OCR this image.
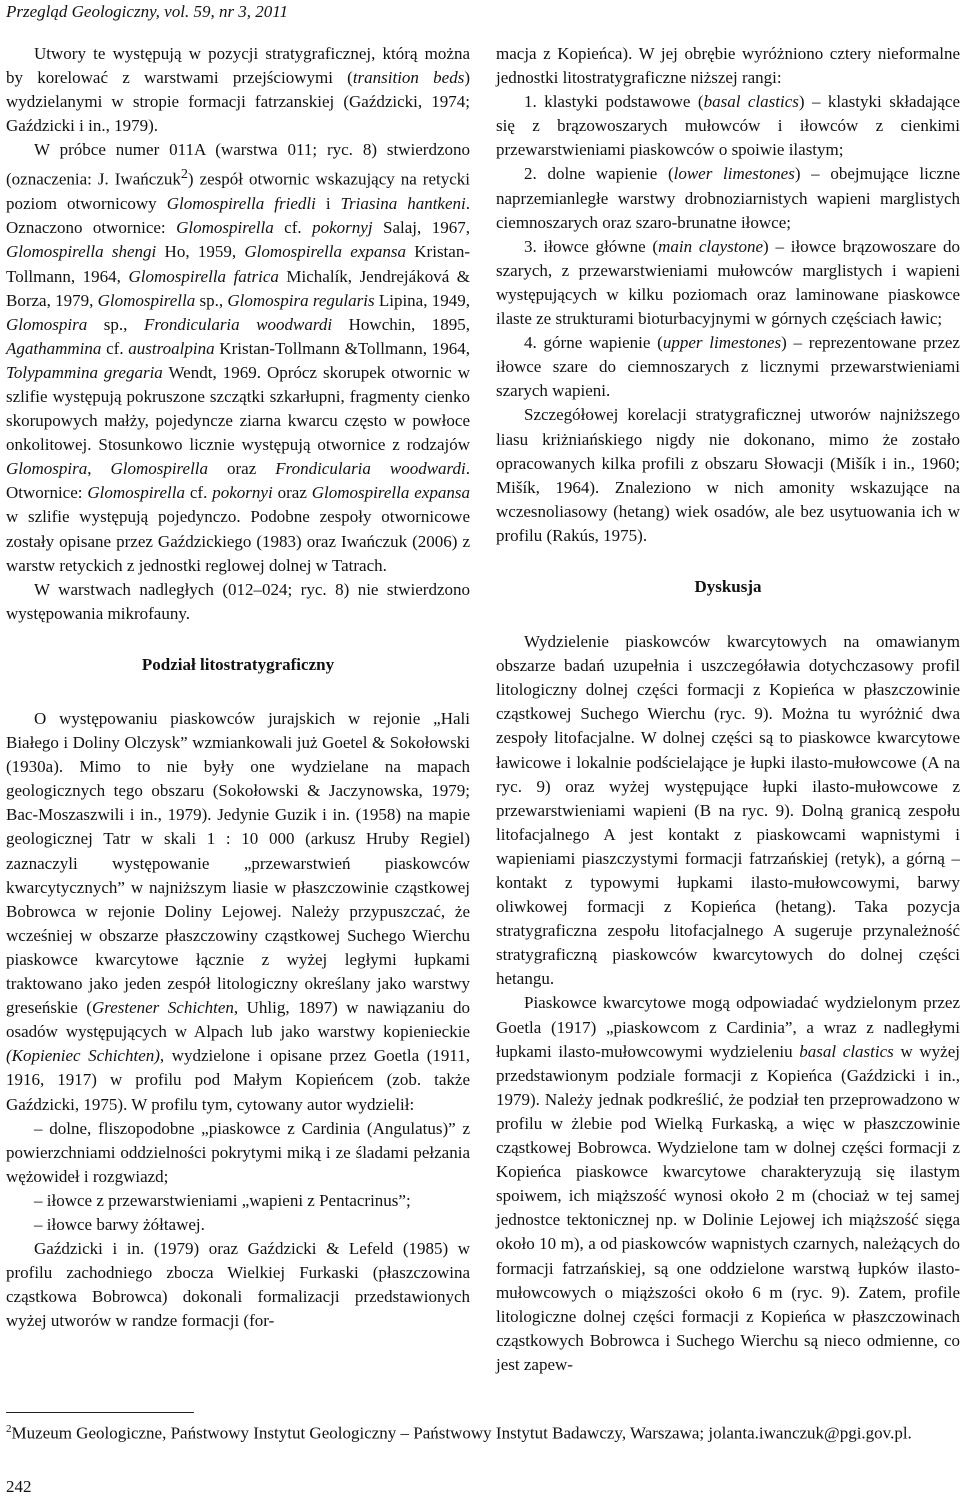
Przegląd Geologiczny, vol. 59, nr 3, 2011

Utwory te występują w pozycji stratygraficznej, którą można by korelować z warstwami przejściowymi (transition beds) wydzielanymi w stropie formacji fatrzanskiej (Gaździcki, 1974; Gaździcki i in., 1979).

W próbce numer 011A (warstwa 011; ryc. 8) stwierdzono (oznaczenia: J. Iwańczuk$^2$) zespół otwornic wskazujący na retycki poziom otwornicowy Glomospirella friedli i Triasina hantkeni. Oznaczono otwornice: Glomospirella cf. pokornyj Salaj, 1967, Glomospirella shengi Ho, 1959, Glomospirella expansa Kristan-Tollmann, 1964, Glomospirella fatrica Michalík, Jendrejáková & Borza, 1979, Glomospirella sp., Glomospira regularis Lipina, 1949, Glomospira sp., Frondicularia woodwardi Howchin, 1895, Agathammina cf. austroalpina Kristan-Tollmann &Tollmann, 1964, Tolypammina gregaria Wendt, 1969. Oprócz skorupek otwornic w szlifie występują pokruszone szczątki szkarłupni, fragmenty cienko skorupowych małży, pojedyncze ziarna kwarcu często w powłoce onkolitowej. Stosunkowo licznie występują otwornice z rodzajów Glomospira, Glomospirella oraz Frondicularia woodwardi. Otwornice: Glomospirella cf. pokornyi oraz Glomospirella expansa w szlifie występują pojedynczo. Podobne zespoły otwornicowe zostały opisane przez Gaździckiego (1983) oraz Iwańczuk (2006) z warstw retyckich z jednostki reglowej dolnej w Tatrach.

W warstwach nadległych (012–024; ryc. 8) nie stwierdzono występowania mikrofauny.

Podział litostratygraficzny

O występowaniu piaskowców jurajskich w rejonie „Hali Białego i Doliny Olczysk” wzmiankowali już Goetel & Sokołowski (1930a). Mimo to nie były one wydzielane na mapach geologicznych tego obszaru (Sokołowski & Jaczynowska, 1979; Bac-Moszaszwili i in., 1979). Jedynie Guzik i in. (1958) na mapie geologicznej Tatr w skali 1 : 10 000 (arkusz Hruby Regiel) zaznaczyli występowanie „przewarstwień piaskowców kwarcytycznych” w najniższym liasie w płaszczowinie cząstkowej Bobrowca w rejonie Doliny Lejowej. Należy przypuszczać, że wcześniej w obszarze płaszczowiny cząstkowej Suchego Wierchu piaskowce kwarcytowe łącznie z wyżej ległymi łupkami traktowano jako jeden zespół litologiczny określany jako warstwy greseńskie (Grestener Schichten, Uhlig, 1897) w nawiązaniu do osadów występujących w Alpach lub jako warstwy kopienieckie (Kopieniec Schichten), wydzielone i opisane przez Goetla (1911, 1916, 1917) w profilu pod Małym Kopieńcem (zob. także Gaździcki, 1975). W profilu tym, cytowany autor wydzielił:

– dolne, fliszopodobne „piaskowce z Cardinia (Angulatus)” z powierzchniami oddzielności pokrytymi miką i ze śladami pełzania wężowideł i rozgwiazd;

– iłowce z przewarstwieniami „wapieni z Pentacrinus”;

– iłowce barwy żółtawej.

Gaździcki i in. (1979) oraz Gaździcki & Lefeld (1985) w profilu zachodniego zbocza Wielkiej Furkaski (płaszczowina cząstkowa Bobrowca) dokonali formalizacji przedstawionych wyżej utworów w randze formacji (for-

macja z Kopieńca). W jej obrębie wyróżniono cztery nieformalne jednostki litostratygraficzne niższej rangi:

1. klastyki podstawowe (basal clastics) – klastyki składające się z brązowoszarych mułowców i iłowców z cienkimi przewarstwieniami piaskowców o spoiwie ilastym;

2. dolne wapienie (lower limestones) – obejmujące liczne naprzemianległe warstwy drobnoziarnistych wapieni marglistych ciemnoszarych oraz szaro-brunatne iłowce;

3. iłowce główne (main claystone) – iłowce brązowoszare do szarych, z przewarstwieniami mułowców marglistych i wapieni występujących w kilku poziomach oraz laminowane piaskowce ilaste ze strukturami bioturbacyjnymi w górnych częściach ławic;

4. górne wapienie (upper limestones) – reprezentowane przez iłowce szare do ciemnoszarych z licznymi przewarstwieniami szarych wapieni.

Szczegółowej korelacji stratygraficznej utworów najniższego liasu kriżniańskiego nigdy nie dokonano, mimo że zostało opracowanych kilka profili z obszaru Słowacji (Mišík i in., 1960; Mišík, 1964). Znaleziono w nich amonity wskazujące na wczesnoliasowy (hetang) wiek osadów, ale bez usytuowania ich w profilu (Rakús, 1975).

Dyskusja

Wydzielenie piaskowców kwarcytowych na omawianym obszarze badań uzupełnia i uszczegóławia dotychczasowy profil litologiczny dolnej części formacji z Kopieńca w płaszczowinie cząstkowej Suchego Wierchu (ryc. 9). Można tu wyróżnić dwa zespoły litofacjalne. W dolnej części są to piaskowce kwarcytowe ławicowe i lokalnie podścielające je łupki ilasto-mułowcowe (A na ryc. 9) oraz wyżej występujące łupki ilasto-mułowcowe z przewarstwieniami wapieni (B na ryc. 9). Dolną granicą zespołu litofacjalnego A jest kontakt z piaskowcami wapnistymi i wapieniami piaszczystymi formacji fatrzańskiej (retyk), a górną – kontakt z typowymi łupkami ilasto-mułowcowymi, barwy oliwkowej formacji z Kopieńca (hetang). Taka pozycja stratygraficzna zespołu litofacjalnego A sugeruje przynależność stratygraficzną piaskowców kwarcytowych do dolnej części hetangu.

Piaskowce kwarcytowe mogą odpowiadać wydzielonym przez Goetla (1917) „piaskowcom z Cardinia”, a wraz z nadległymi łupkami ilasto-mułowcowymi wydzieleniu basal clastics w wyżej przedstawionym podziale formacji z Kopieńca (Gaździcki i in., 1979). Należy jednak podkreślić, że podział ten przeprowadzono w profilu w żlebie pod Wielką Furkaską, a więc w płaszczowinie cząstkowej Bobrowca. Wydzielone tam w dolnej części formacji z Kopieńca piaskowce kwarcytowe charakteryzują się ilastym spoiwem, ich miąższość wynosi około 2 m (chociaż w tej samej jednostce tektonicznej np. w Dolinie Lejowej ich miąższość sięga około 10 m), a od piaskowców wapnistych czarnych, należących do formacji fatrzańskiej, są one oddzielone warstwą łupków ilasto-mułowcowych o miąższości około 6 m (ryc. 9). Zatem, profile litologiczne dolnej części formacji z Kopieńca w płaszczowinach cząstkowych Bobrowca i Suchego Wierchu są nieco odmienne, co jest zapew-

$^2$Muzeum Geologiczne, Państwowy Instytut Geologiczny – Państwowy Instytut Badawczy, Warszawa; jolanta.iwanczuk@pgi.gov.pl.
242
